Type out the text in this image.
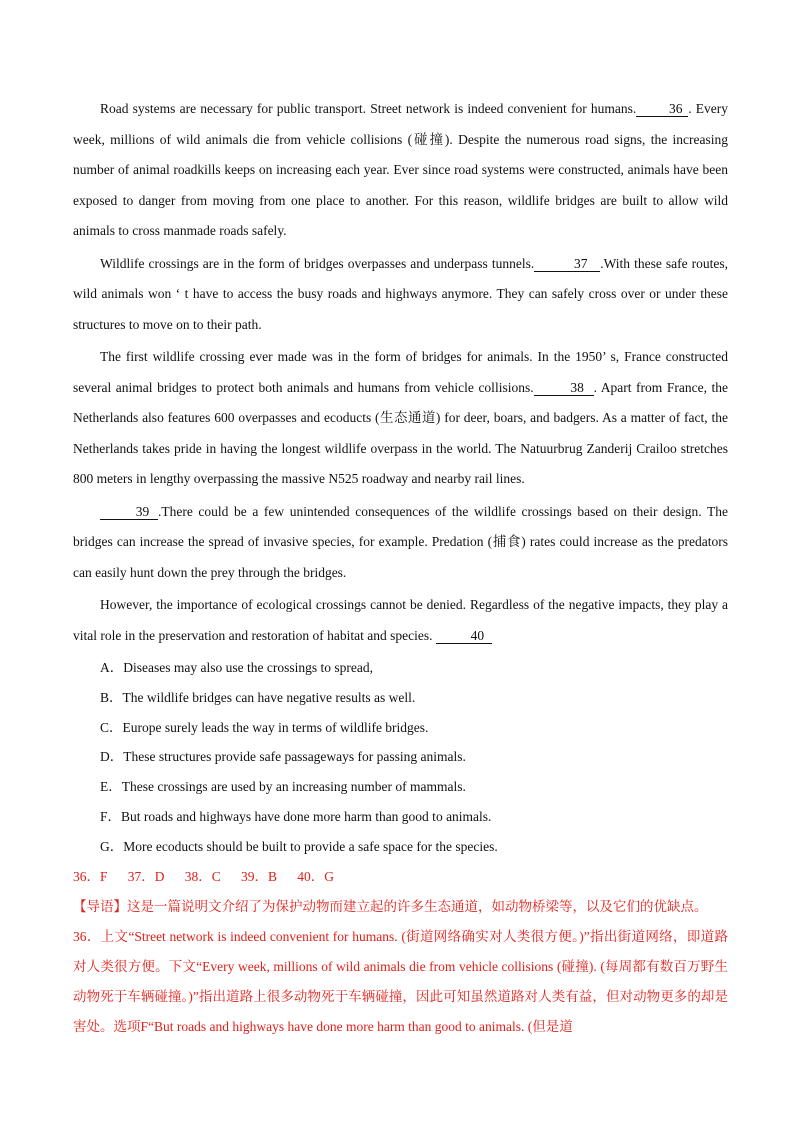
Road systems are necessary for public transport. Street network is indeed convenient for humans. 36 . Every week, millions of wild animals die from vehicle collisions (碰撞). Despite the numerous road signs, the increasing number of animal roadkills keeps on increasing each year. Ever since road systems were constructed, animals have been exposed to danger from moving from one place to another. For this reason, wildlife bridges are built to allow wild animals to cross manmade roads safely.

Wildlife crossings are in the form of bridges overpasses and underpass tunnels.	37 .With these safe routes, wild animals won ‘ t have to access the busy roads and highways anymore. They can safely cross over or under these structures to move on to their path.

The first wildlife crossing ever made was in the form of bridges for animals. In the 1950’ s, France constructed several animal bridges to protect both animals and humans from vehicle collisions.	38 . Apart from France, the Netherlands also features 600 overpasses and ecoducts (生态通道) for deer, boars, and badgers. As a matter of fact, the Netherlands takes pride in having the longest wildlife overpass in the world. The Natuurbrug Zanderij Crailoo stretches 800 meters in lengthy overpassing the massive N525 roadway and nearby rail lines.

39 .There could be a few unintended consequences of the wildlife crossings based on their design. The bridges can increase the spread of invasive species, for example. Predation (捕食) rates could increase as the predators can easily hunt down the prey through the bridges.

However, the importance of ecological crossings cannot be denied. Regardless of the negative impacts, they play a vital role in the preservation and restoration of habitat and species.	40

A．Diseases may also use the crossings to spread,
B．The wildlife bridges can have negative results as well.
C．Europe surely leads the way in terms of wildlife bridges.
D．These structures provide safe passageways for passing animals.
E．These crossings are used by an increasing number of mammals.
F．But roads and highways have done more harm than good to animals.
G．More ecoducts should be built to provide a safe space for the species.
36．F      37．D      38．C      39．B      40．G

【导语】这是一篇说明文介绍了为保护动物而建立起的许多生态通道，如动物桥梁等，以及它们的优缺点。

36．上文“Street network is indeed convenient for humans. (街道网络确实对人类很方便。)”指出街道网络，即道路对人类很方便。下文“Every week, millions of wild animals die from vehicle collisions (碰撞). (每周都有数百万野生动物死于车辆碰撞。)”指出道路上很多动物死于车辆碰撞，因此可知虽然道路对人类有益，但对动物更多的却是害处。选项F“But roads and highways have done more harm than good to animals. (但是道
